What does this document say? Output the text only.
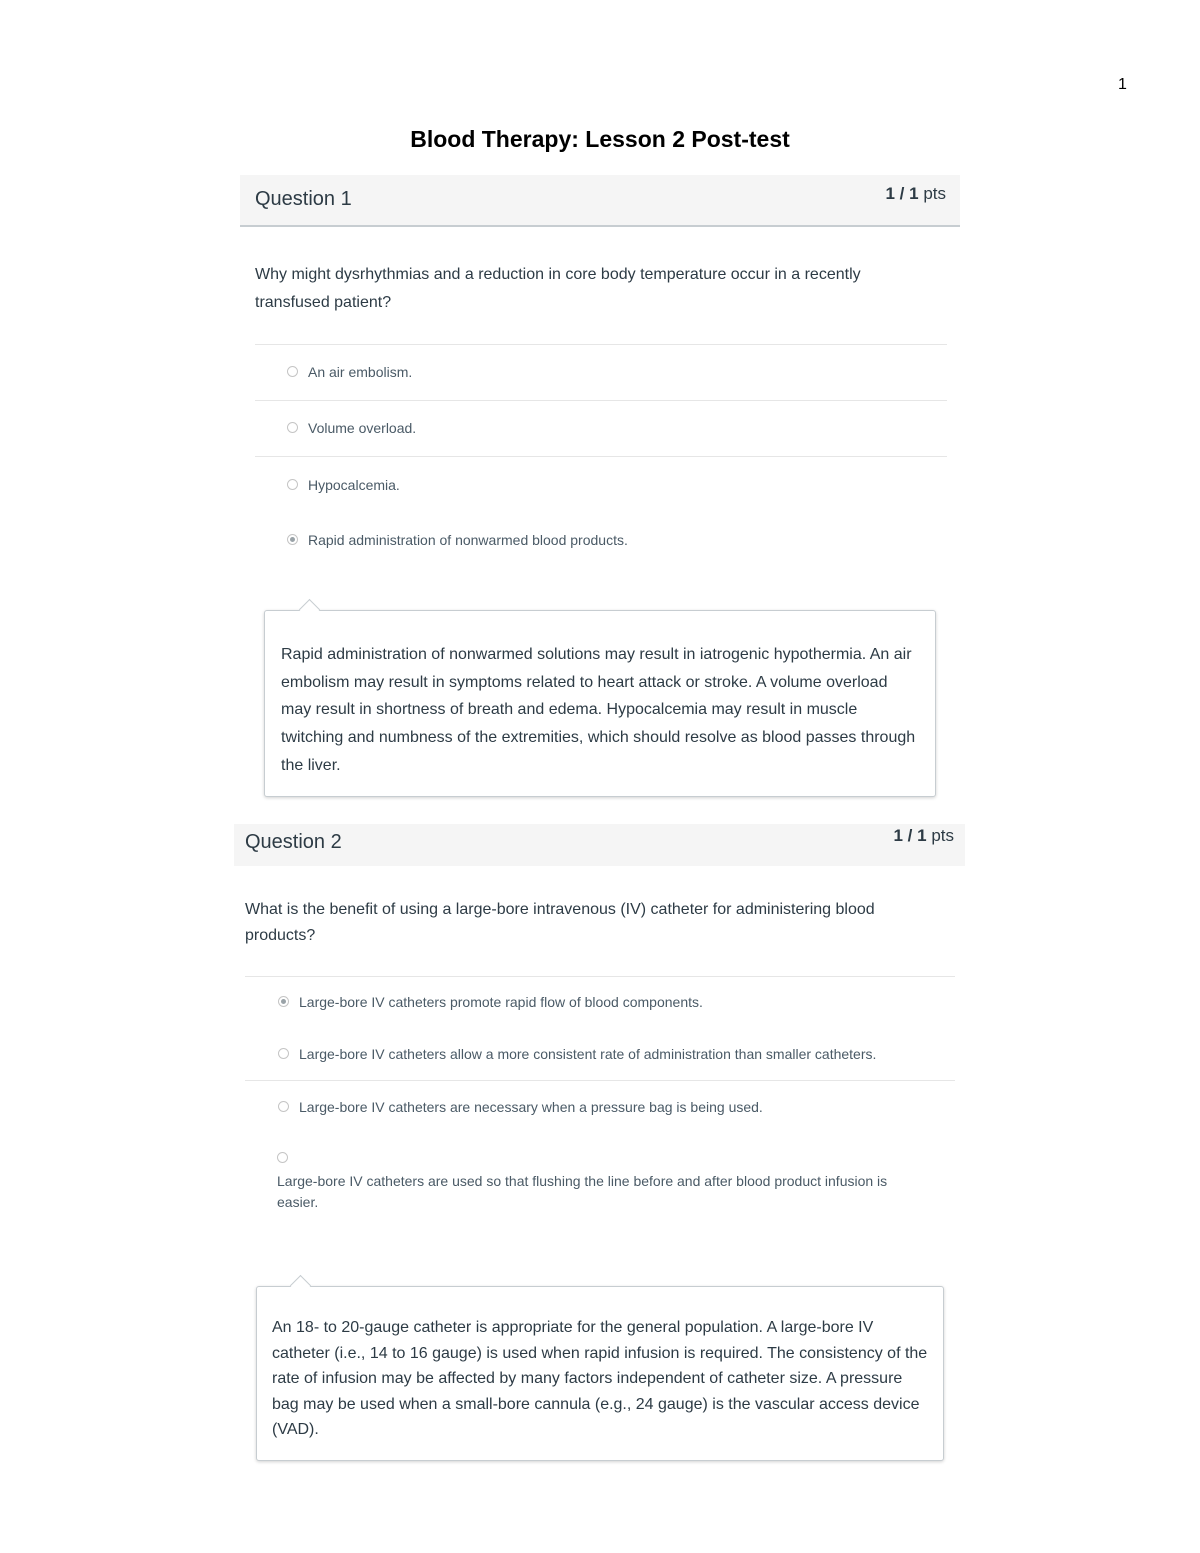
1
Blood Therapy: Lesson 2 Post-test
Question 1	1 / 1 pts

Why might dysrhythmias and a reduction in core body temperature occur in a recently transfused patient?

An air embolism.
Volume overload.
Hypocalcemia.
Rapid administration of nonwarmed blood products.

Rapid administration of nonwarmed solutions may result in iatrogenic hypothermia. An air embolism may result in symptoms related to heart attack or stroke. A volume overload may result in shortness of breath and edema. Hypocalcemia may result in muscle twitching and numbness of the extremities, which should resolve as blood passes through the liver.

Question 2	1 / 1 pts

What is the benefit of using a large-bore intravenous (IV) catheter for administering blood products?

Large-bore IV catheters promote rapid flow of blood components.
Large-bore IV catheters allow a more consistent rate of administration than smaller catheters.
Large-bore IV catheters are necessary when a pressure bag is being used.
Large-bore IV catheters are used so that flushing the line before and after blood product infusion is easier.

An 18- to 20-gauge catheter is appropriate for the general population. A large-bore IV catheter (i.e., 14 to 16 gauge) is used when rapid infusion is required. The consistency of the rate of infusion may be affected by many factors independent of catheter size. A pressure bag may be used when a small-bore cannula (e.g., 24 gauge) is the vascular access device (VAD).
